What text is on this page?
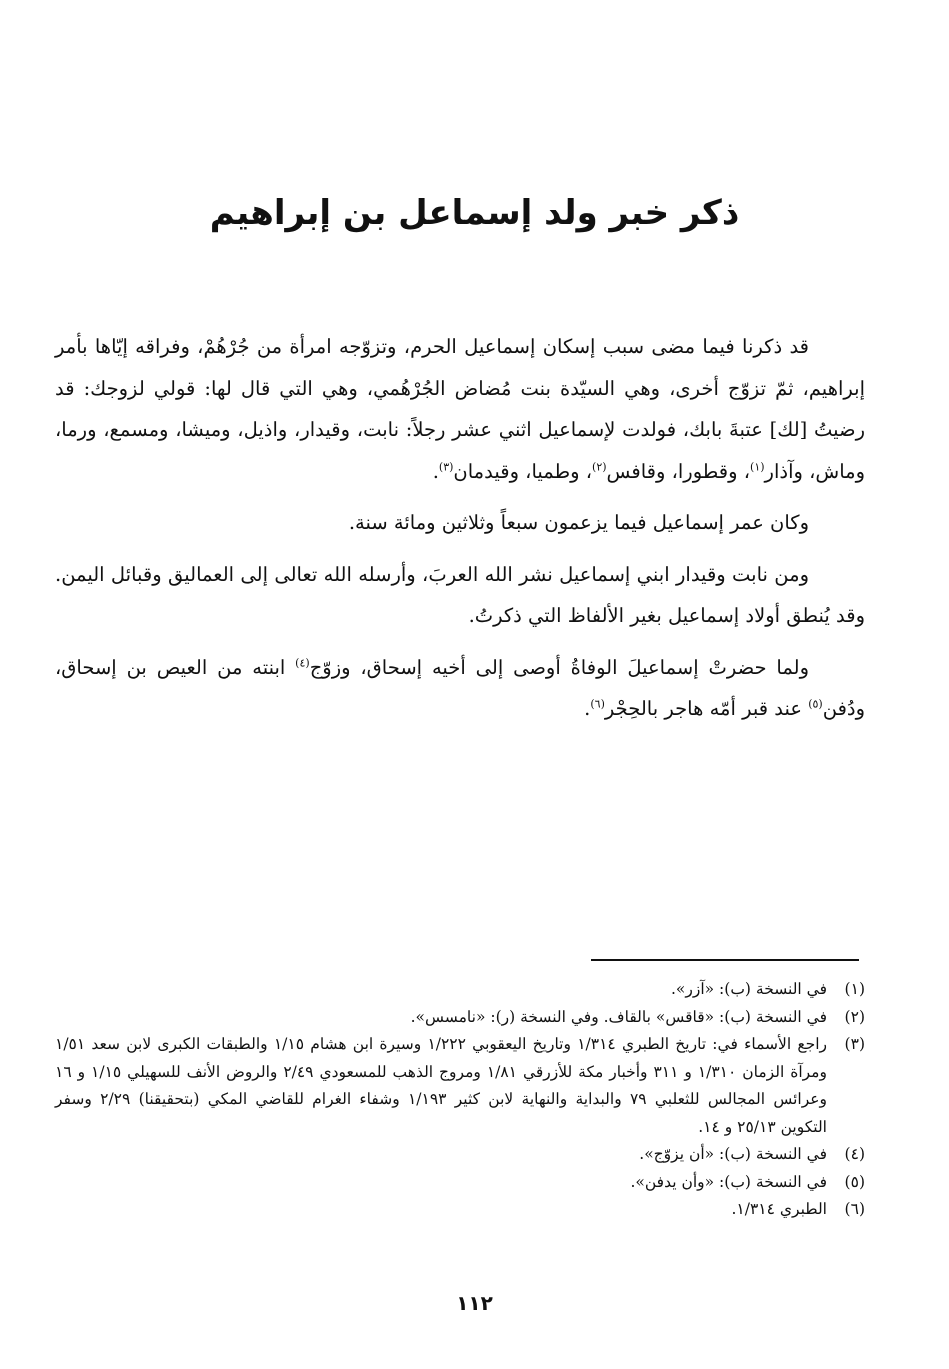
ذكر خبر ولد إسماعل بن إبراهيم

قد ذكرنا فيما مضى سبب إسكان إسماعيل الحرم، وتزوّجه امرأة من جُرْهُمْ، وفراقه إيّاها بأمر إبراهيم، ثمّ تزوّج أخرى، وهي السيّدة بنت مُضاض الجُرْهُمي، وهي التي قال لها: قولي لزوجك: قد رضيتُ [لك] عتبةَ بابك، فولدت لإسماعيل اثني عشر رجلاً: نابت، وقيدار، واذيل، وميشا، ومسمع، ورما، وماش، وآذار$^{(١)}$، وقطورا، وقافس$^{(٢)}$، وطميا، وقيدمان$^{(٣)}$.

وكان عمر إسماعيل فيما يزعمون سبعاً وثلاثين ومائة سنة.

ومن نابت وقيدار ابني إسماعيل نشر الله العربَ، وأرسله الله تعالى إلى العماليق وقبائل اليمن. وقد يُنطق أولاد إسماعيل بغير الألفاظ التي ذكرتُ.

ولما حضرتْ إسماعيلَ الوفاةُ أوصى إلى أخيه إسحاق، وزوّج$^{(٤)}$ ابنته من العيص بن إسحاق، ودُفن$^{(٥)}$ عند قبر أمّه هاجر بالحِجْر$^{(٦)}$.

(١)
في النسخة (ب): «آزر».
(٢)
في النسخة (ب): «قاقس» بالقاف. وفي النسخة (ر): «نامسس».
(٣)
راجع الأسماء في: تاريخ الطبري ١/٣١٤ وتاريخ اليعقوبي ١/٢٢٢ وسيرة ابن هشام ١/١٥ والطبقات الكبرى لابن سعد ١/٥١ ومرآة الزمان ١/٣١٠ و ٣١١ وأخبار مكة للأزرقي ١/٨١ ومروج الذهب للمسعودي ٢/٤٩ والروض الأنف للسهيلي ١/١٥ و ١٦ وعرائس المجالس للثعلبي ٧٩ والبداية والنهاية لابن كثير ١/١٩٣ وشفاء الغرام للقاضي المكي (بتحقيقنا) ٢/٢٩ وسفر التكوين ٢٥/١٣ و ١٤.
(٤)
في النسخة (ب): «أن يزوّج».
(٥)
في النسخة (ب): «وأن يدفن».
(٦)
الطبري ١/٣١٤.
١١٢
